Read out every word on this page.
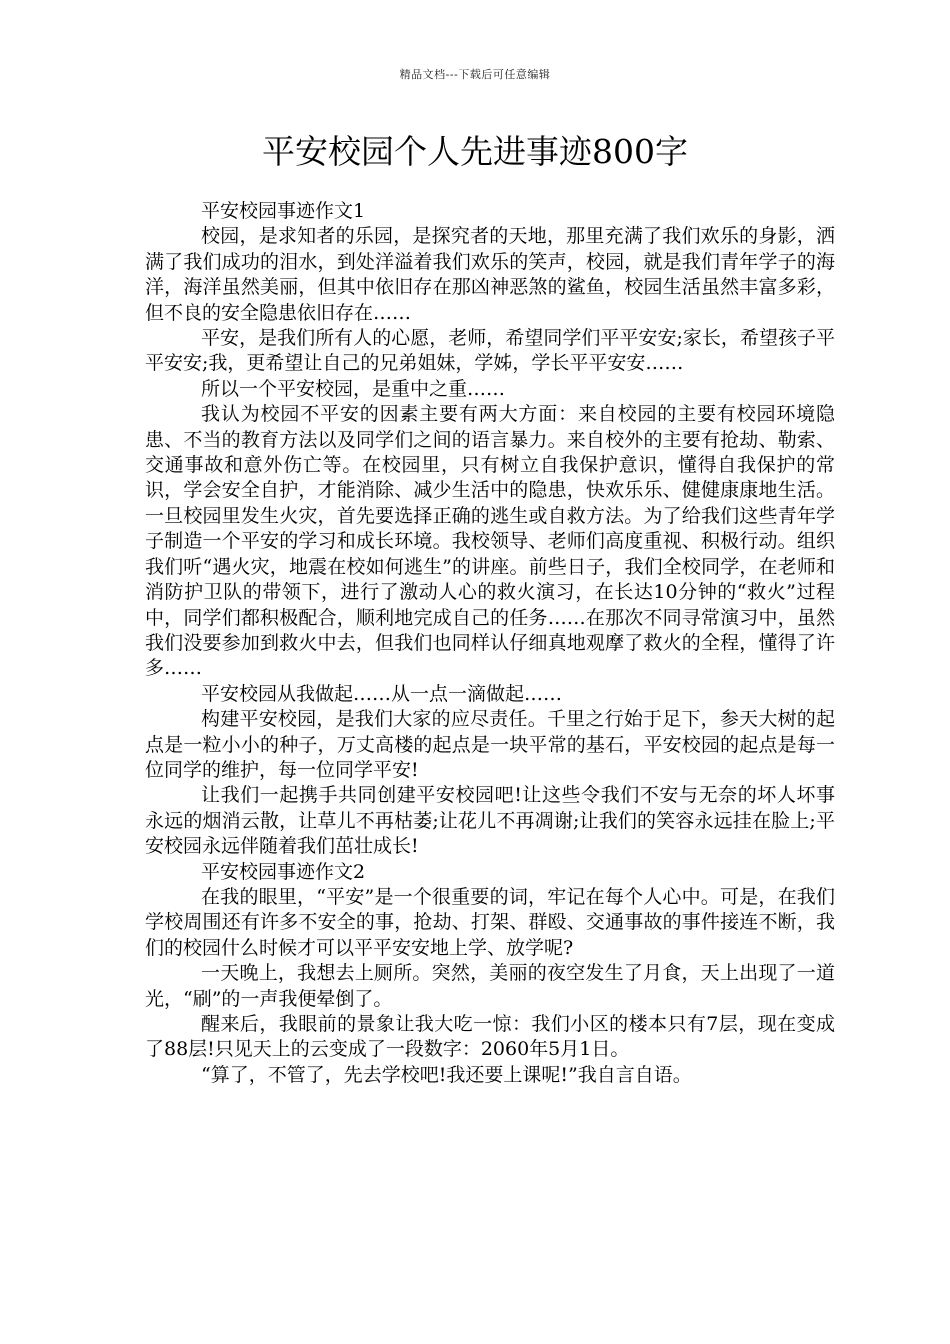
精品文档---下载后可任意编辑
平安校园个人先进事迹800字

平安校园事迹作文1

校园，是求知者的乐园，是探究者的天地，那里充满了我们欢乐的身影，洒满了我们成功的泪水，到处洋溢着我们欢乐的笑声，校园，就是我们青年学子的海洋，海洋虽然美丽，但其中依旧存在那凶神恶煞的鲨鱼，校园生活虽然丰富多彩，但不良的安全隐患依旧存在……

平安，是我们所有人的心愿，老师，希望同学们平平安安;家长，希望孩子平平安安;我，更希望让自己的兄弟姐妹，学姊，学长平平安安……

所以一个平安校园，是重中之重……

我认为校园不平安的因素主要有两大方面：来自校园的主要有校园环境隐患、不当的教育方法以及同学们之间的语言暴力。来自校外的主要有抢劫、勒索、交通事故和意外伤亡等。在校园里，只有树立自我保护意识，懂得自我保护的常识，学会安全自护，才能消除、减少生活中的隐患，快欢乐乐、健健康康地生活。一旦校园里发生火灾，首先要选择正确的逃生或自救方法。为了给我们这些青年学子制造一个平安的学习和成长环境。我校领导、老师们高度重视、积极行动。组织我们听“遇火灾，地震在校如何逃生”的讲座。前些日子，我们全校同学，在老师和消防护卫队的带领下，进行了激动人心的救火演习，在长达10分钟的“救火”过程中，同学们都积极配合，顺利地完成自己的任务……在那次不同寻常演习中，虽然我们没要参加到救火中去，但我们也同样认仔细真地观摩了救火的全程，懂得了许多……

平安校园从我做起……从一点一滴做起……

构建平安校园，是我们大家的应尽责任。千里之行始于足下，参天大树的起点是一粒小小的种子，万丈高楼的起点是一块平常的基石，平安校园的起点是每一位同学的维护，每一位同学平安!

让我们一起携手共同创建平安校园吧!让这些令我们不安与无奈的坏人坏事永远的烟消云散，让草儿不再枯萎;让花儿不再凋谢;让我们的笑容永远挂在脸上;平安校园永远伴随着我们茁壮成长!

平安校园事迹作文2

在我的眼里，“平安”是一个很重要的词，牢记在每个人心中。可是，在我们学校周围还有许多不安全的事，抢劫、打架、群殴、交通事故的事件接连不断，我们的校园什么时候才可以平平安安地上学、放学呢?

一天晚上，我想去上厕所。突然，美丽的夜空发生了月食，天上出现了一道光，“刷”的一声我便晕倒了。

醒来后，我眼前的景象让我大吃一惊：我们小区的楼本只有7层，现在变成了88层!只见天上的云变成了一段数字：2060年5月1日。

“算了，不管了，先去学校吧!我还要上课呢!”我自言自语。
